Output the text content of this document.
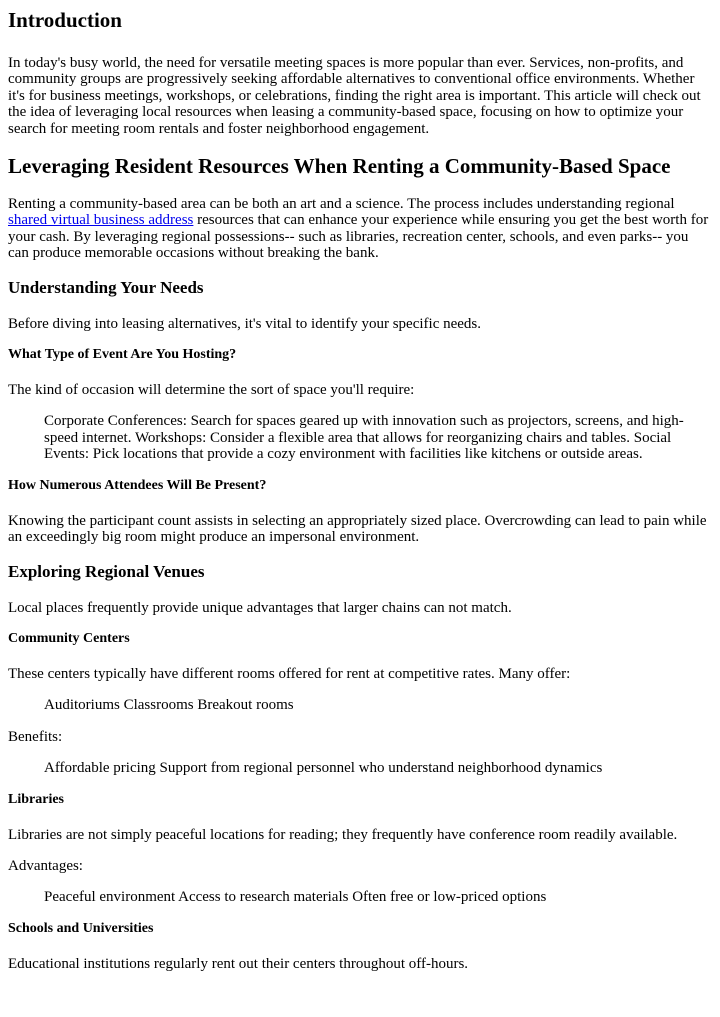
Introduction

In today's busy world, the need for versatile meeting spaces is more popular than ever. Services, non-profits, and community groups are progressively seeking affordable alternatives to conventional office environments. Whether it's for business meetings, workshops, or celebrations, finding the right area is important. This article will check out the idea of leveraging local resources when leasing a community-based space, focusing on how to optimize your search for meeting room rentals and foster neighborhood engagement.

Leveraging Resident Resources When Renting a Community-Based Space

Renting a community-based area can be both an art and a science. The process includes understanding regional shared virtual business address resources that can enhance your experience while ensuring you get the best worth for your cash. By leveraging regional possessions-- such as libraries, recreation center, schools, and even parks-- you can produce memorable occasions without breaking the bank.

Understanding Your Needs

Before diving into leasing alternatives, it's vital to identify your specific needs.

What Type of Event Are You Hosting?

The kind of occasion will determine the sort of space you'll require:

Corporate Conferences: Search for spaces geared up with innovation such as projectors, screens, and high-speed internet. Workshops: Consider a flexible area that allows for reorganizing chairs and tables. Social Events: Pick locations that provide a cozy environment with facilities like kitchens or outside areas.
How Numerous Attendees Will Be Present?

Knowing the participant count assists in selecting an appropriately sized place. Overcrowding can lead to pain while an exceedingly big room might produce an impersonal environment.

Exploring Regional Venues

Local places frequently provide unique advantages that larger chains can not match.

Community Centers

These centers typically have different rooms offered for rent at competitive rates. Many offer:

Auditoriums Classrooms Breakout rooms

Benefits:

Affordable pricing Support from regional personnel who understand neighborhood dynamics
Libraries

Libraries are not simply peaceful locations for reading; they frequently have conference room readily available.

Advantages:

Peaceful environment Access to research materials Often free or low-priced options
Schools and Universities

Educational institutions regularly rent out their centers throughout off-hours.
